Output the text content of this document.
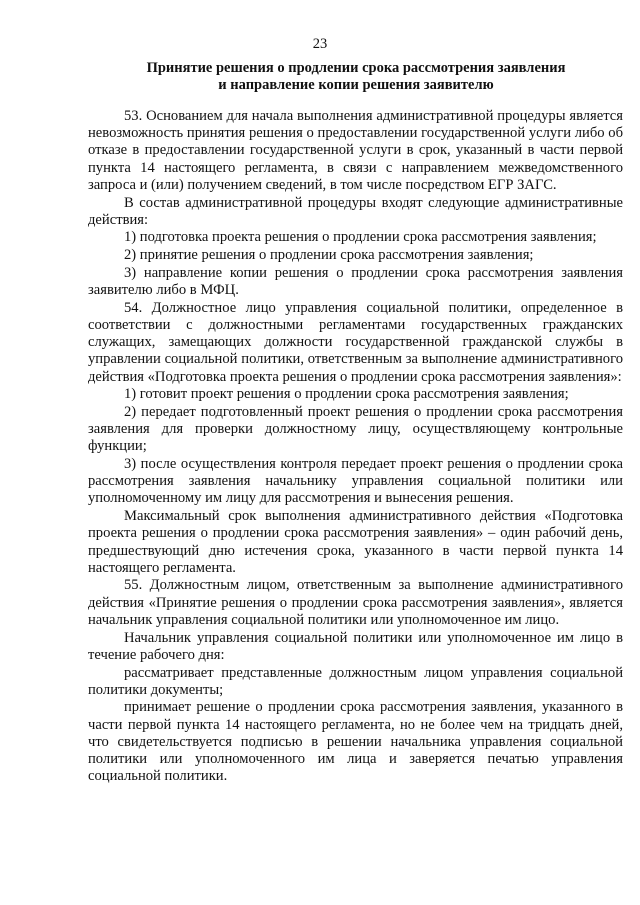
23
Принятие решения о продлении срока рассмотрения заявления
и направление копии решения заявителю

53. Основанием для начала выполнения административной процедуры является невозможность принятия решения о предоставлении государственной услуги либо об отказе в предоставлении государственной услуги в срок, указанный в части первой пункта 14 настоящего регламента, в связи с направлением межведомственного запроса и (или) получением сведений, в том числе посредством ЕГР ЗАГС.

В состав административной процедуры входят следующие административные действия:

1) подготовка проекта решения о продлении срока рассмотрения заявления;

2) принятие решения о продлении срока рассмотрения заявления;

3) направление копии решения о продлении срока рассмотрения заявления заявителю либо в МФЦ.

54. Должностное лицо управления социальной политики, определенное в соответствии с должностными регламентами государственных гражданских служащих, замещающих должности государственной гражданской службы в управлении социальной политики, ответственным за выполнение административного действия «Подготовка проекта решения о продлении срока рассмотрения заявления»:

1) готовит проект решения о продлении срока рассмотрения заявления;

2) передает подготовленный проект решения о продлении срока рассмотрения заявления для проверки должностному лицу, осуществляющему контрольные функции;

3) после осуществления контроля передает проект решения о продлении срока рассмотрения заявления начальнику управления социальной политики или уполномоченному им лицу для рассмотрения и вынесения решения.

Максимальный срок выполнения административного действия «Подготовка проекта решения о продлении срока рассмотрения заявления» – один рабочий день, предшествующий дню истечения срока, указанного в части первой пункта 14 настоящего регламента.

55. Должностным лицом, ответственным за выполнение административного действия «Принятие решения о продлении срока рассмотрения заявления», является начальник управления социальной политики или уполномоченное им лицо.

Начальник управления социальной политики или уполномоченное им лицо в течение рабочего дня:

рассматривает представленные должностным лицом управления социальной политики документы;

принимает решение о продлении срока рассмотрения заявления, указанного в части первой пункта 14 настоящего регламента, но не более чем на тридцать дней, что свидетельствуется подписью в решении начальника управления социальной политики или уполномоченного им лица и заверяется печатью управления социальной политики.
